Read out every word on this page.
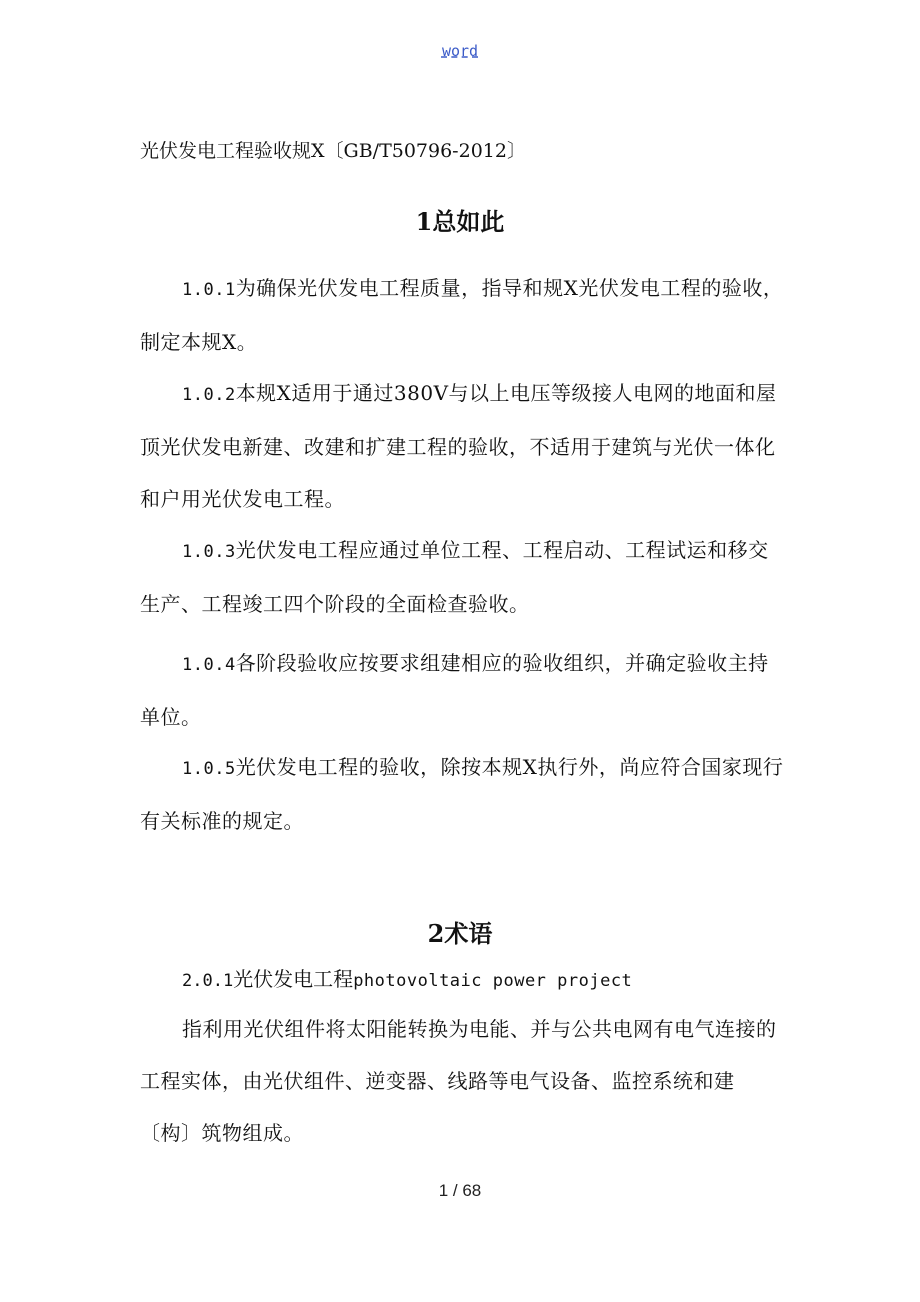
word
光伏发电工程验收规X〔GB/T50796-2012〕
1总如此
1.0.1为确保光伏发电工程质量，指导和规X光伏发电工程的验收，制定本规X。
1.0.2本规X适用于通过380V与以上电压等级接人电网的地面和屋顶光伏发电新建、改建和扩建工程的验收，不适用于建筑与光伏一体化和户用光伏发电工程。
1.0.3光伏发电工程应通过单位工程、工程启动、工程试运和移交生产、工程竣工四个阶段的全面检查验收。
1.0.4各阶段验收应按要求组建相应的验收组织，并确定验收主持单位。
1.0.5光伏发电工程的验收，除按本规X执行外，尚应符合国家现行有关标准的规定。
2术语
2.0.1光伏发电工程photovoltaic power project
指利用光伏组件将太阳能转换为电能、并与公共电网有电气连接的工程实体，由光伏组件、逆变器、线路等电气设备、监控系统和建〔构〕筑物组成。
1 / 68
